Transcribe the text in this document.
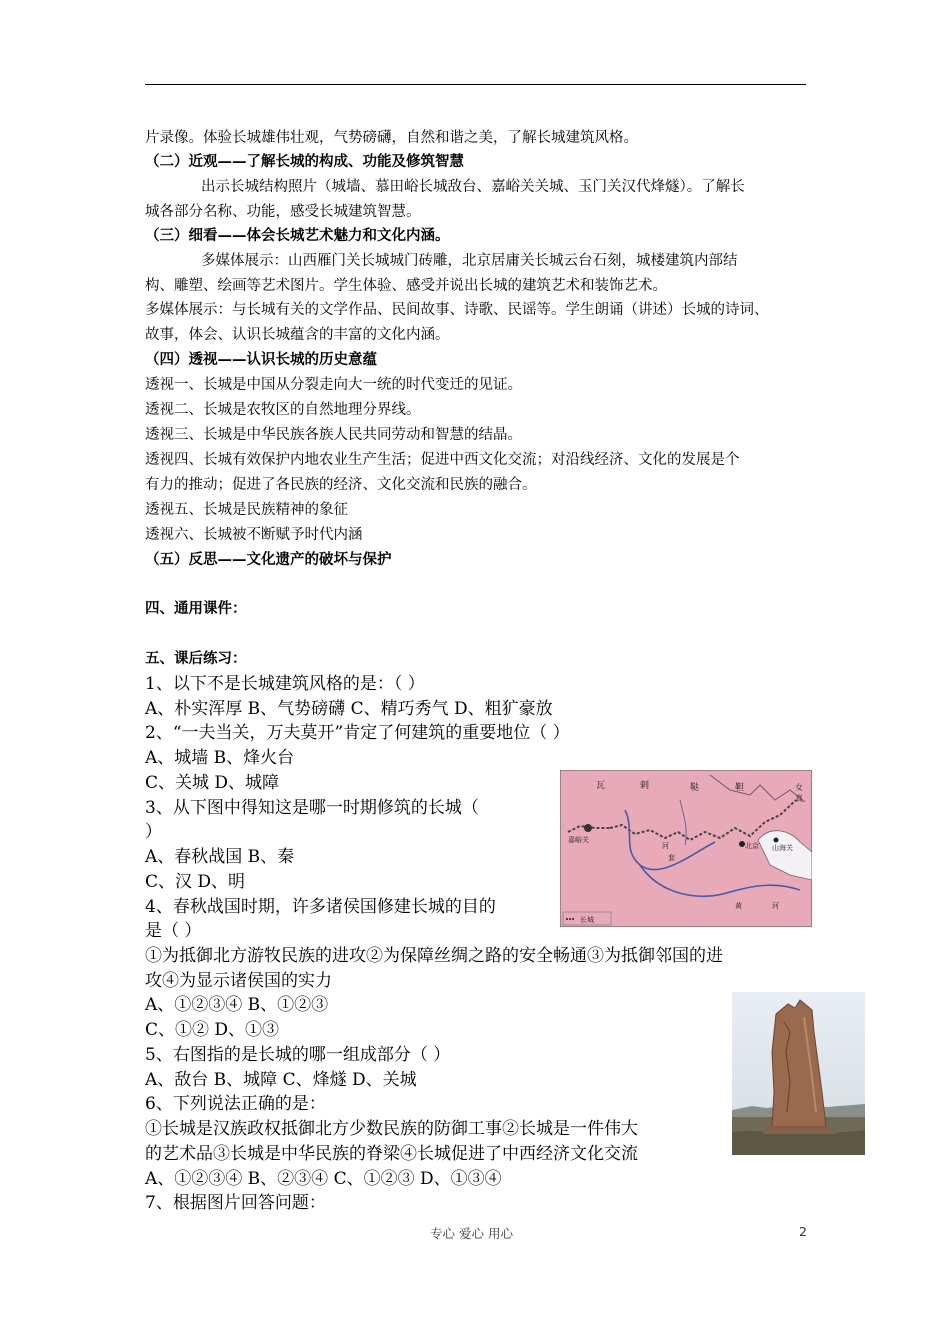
片录像。体验长城雄伟壮观，气势磅礴，自然和谐之美，了解长城建筑风格。
（二）近观——了解长城的构成、功能及修筑智慧
出示长城结构照片（城墙、慕田峪长城敌台、嘉峪关关城、玉门关汉代烽燧）。了解长
城各部分名称、功能，感受长城建筑智慧。
（三）细看——体会长城艺术魅力和文化内涵。
多媒体展示：山西雁门关长城城门砖雕，北京居庸关长城云台石刻，城楼建筑内部结
构、雕塑、绘画等艺术图片。学生体验、感受并说出长城的建筑艺术和装饰艺术。
多媒体展示：与长城有关的文学作品、民间故事、诗歌、民谣等。学生朗诵（讲述）长城的诗词、
故事，体会、认识长城蕴含的丰富的文化内涵。
（四）透视——认识长城的历史意蕴
透视一、长城是中国从分裂走向大一统的时代变迁的见证。
透视二、长城是农牧区的自然地理分界线。
透视三、长城是中华民族各族人民共同劳动和智慧的结晶。
透视四、长城有效保护内地农业生产生活；促进中西文化交流；对沿线经济、文化的发展是个
有力的推动；促进了各民族的经济、文化交流和民族的融合。
透视五、长城是民族精神的象征
透视六、长城被不断赋予时代内涵
（五）反思——文化遗产的破坏与保护
四、通用课件：
五、课后练习：
1、以下不是长城建筑风格的是：（ ）
A、朴实浑厚 B、气势磅礴 C、精巧秀气 D、粗犷豪放
2、“一夫当关，万夫莫开”肯定了何建筑的重要地位（ ）
A、城墙 B、烽火台
C、关城 D、城障
3、从下图中得知这是哪一时期修筑的长城（
）
A、春秋战国 B、秦
C、汉 D、明
4、春秋战国时期，许多诸侯国修建长城的目的
是（ ）
①为抵御北方游牧民族的进攻②为保障丝绸之路的安全畅通③为抵御邻国的进
攻④为显示诸侯国的实力
A、①②③④ B、①②③
C、①② D、①③
5、右图指的是长城的哪一组成部分（ ）
A、敌台 B、城障 C、烽燧 D、关城
6、下列说法正确的是：
①长城是汉族政权抵御北方少数民族的防御工事②长城是一件伟大
的艺术品③长城是中华民族的脊梁④长城促进了中西经济文化交流
A、①②③④ B、②③④ C、①②③ D、①③④
7、根据图片回答问题：
瓦	剌	鞑	靼	女
真
嘉峪关
山海关
北京
河
套
黄	河
长城
专心 爱心 用心	2
